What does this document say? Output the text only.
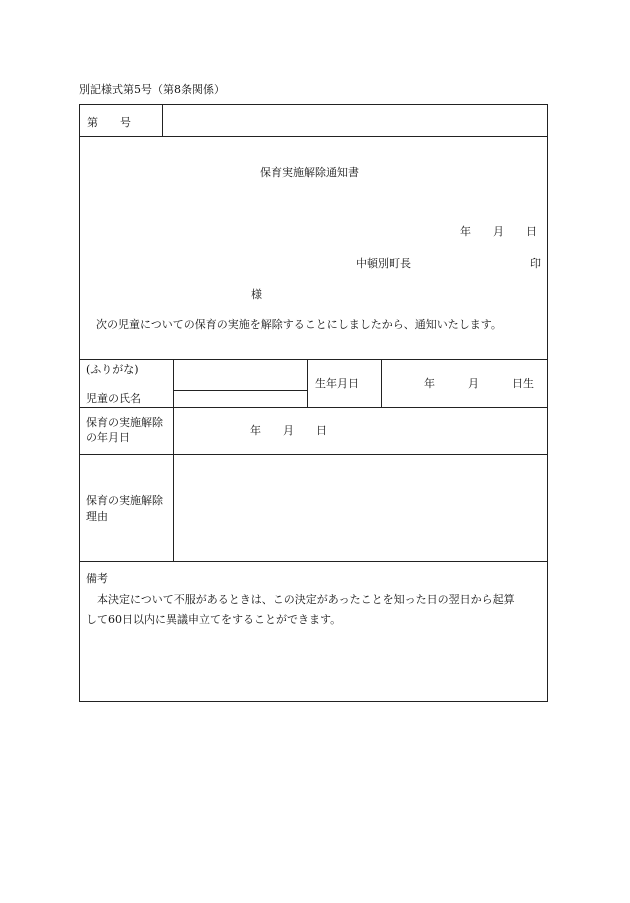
別記様式第5号（第8条関係）
第　　号
保育実施解除通知書
年　　月　　日
中頓別町長	印
様
次の児童についての保育の実施を解除することにしましたから、通知いたします。
(ふりがな)
児童の氏名
生年月日	年　　　月　　　日生
保育の実施解除
の年月日
年　　月　　日
保育の実施解除
理由
備考
本決定について不服があるときは、この決定があったことを知った日の翌日から起算
して60日以内に異議申立てをすることができます。
